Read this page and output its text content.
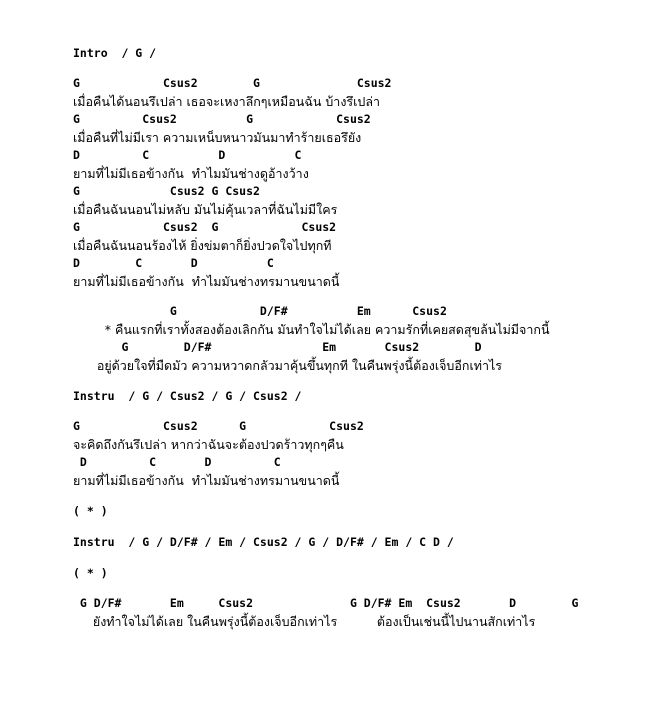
Intro  / G /
G            Csus2        G              Csus2
เมื่อคืนได้นอนรึเปล่า เธอจะเหงาลึกๆเหมือนฉัน บ้างรึเปล่า
G         Csus2          G            Csus2
เมื่อคืนที่ไม่มีเรา ความเหน็บหนาวมันมาทำร้ายเธอรึยัง
D         C          D          C
ยามที่ไม่มีเธอข้างกัน  ทำไมมันช่างดูอ้างว้าง
G             Csus2 G Csus2
เมื่อคืนฉันนอนไม่หลับ มันไม่คุ้นเวลาที่ฉันไม่มีใคร
G            Csus2  G            Csus2
เมื่อคืนฉันนอนร้องไห้ ยิ่งข่มตาก็ยิ่งปวดใจไปทุกที
D        C       D          C
ยามที่ไม่มีเธอข้างกัน  ทำไมมันช่างทรมานขนาดนี้
G            D/F#          Em      Csus2
* คืนแรกที่เราทั้งสองต้องเลิกกัน มันทำใจไม่ได้เลย ความรักที่เคยสดสุขล้นไม่มีจากนี้
G        D/F#                Em       Csus2        D
อยู่ด้วยใจที่มืดมัว ความหวาดกลัวมาคุ้นขึ้นทุกที ในคืนพรุ่งนี้ต้องเจ็บอีกเท่าไร
Instru  / G / Csus2 / G / Csus2 /
G            Csus2      G            Csus2
จะคิดถึงกันรึเปล่า หากว่าฉันจะต้องปวดร้าวทุกๆคืน
D         C       D         C
ยามที่ไม่มีเธอข้างกัน  ทำไมมันช่างทรมานขนาดนี้
( * )
Instru  / G / D/F# / Em / Csus2 / G / D/F# / Em / C D /
( * )
G D/F#       Em     Csus2              G D/F# Em  Csus2       D        G
ยังทำใจไม่ได้เลย ในคืนพรุ่งนี้ต้องเจ็บอีกเท่าไร          ต้องเป็นเช่นนี้ไปนานสักเท่าไร
